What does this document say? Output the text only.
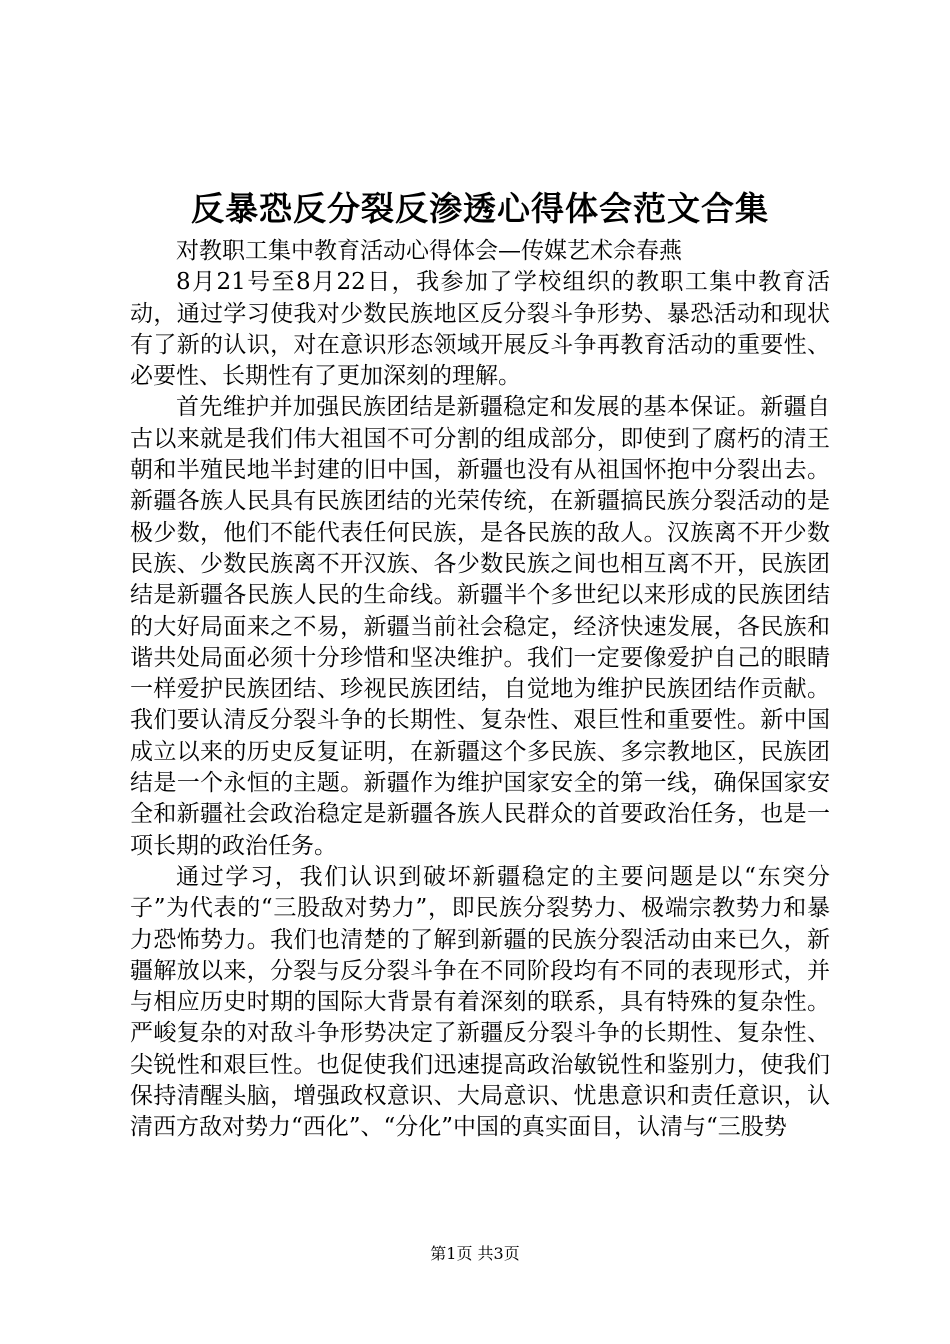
反暴恐反分裂反渗透心得体会范文合集

对教职工集中教育活动心得体会—传媒艺术佘春燕

8月21号至8月22日，我参加了学校组织的教职工集中教育活动，通过学习使我对少数民族地区反分裂斗争形势、暴恐活动和现状有了新的认识，对在意识形态领域开展反斗争再教育活动的重要性、必要性、长期性有了更加深刻的理解。

首先维护并加强民族团结是新疆稳定和发展的基本保证。新疆自古以来就是我们伟大祖国不可分割的组成部分，即使到了腐朽的清王朝和半殖民地半封建的旧中国，新疆也没有从祖国怀抱中分裂出去。新疆各族人民具有民族团结的光荣传统，在新疆搞民族分裂活动的是极少数，他们不能代表任何民族，是各民族的敌人。汉族离不开少数民族、少数民族离不开汉族、各少数民族之间也相互离不开，民族团结是新疆各民族人民的生命线。新疆半个多世纪以来形成的民族团结的大好局面来之不易，新疆当前社会稳定，经济快速发展，各民族和谐共处局面必须十分珍惜和坚决维护。我们一定要像爱护自己的眼睛一样爱护民族团结、珍视民族团结，自觉地为维护民族团结作贡献。我们要认清反分裂斗争的长期性、复杂性、艰巨性和重要性。新中国成立以来的历史反复证明，在新疆这个多民族、多宗教地区，民族团结是一个永恒的主题。新疆作为维护国家安全的第一线，确保国家安全和新疆社会政治稳定是新疆各族人民群众的首要政治任务，也是一项长期的政治任务。

通过学习，我们认识到破坏新疆稳定的主要问题是以“东突分子”为代表的“三股敌对势力”，即民族分裂势力、极端宗教势力和暴力恐怖势力。我们也清楚的了解到新疆的民族分裂活动由来已久，新疆解放以来，分裂与反分裂斗争在不同阶段均有不同的表现形式，并与相应历史时期的国际大背景有着深刻的联系，具有特殊的复杂性。严峻复杂的对敌斗争形势决定了新疆反分裂斗争的长期性、复杂性、尖锐性和艰巨性。也促使我们迅速提高政治敏锐性和鉴别力，使我们保持清醒头脑，增强政权意识、大局意识、忧患意识和责任意识，认清西方敌对势力“西化”、“分化”中国的真实面目，认清与“三股势

第1页 共3页
